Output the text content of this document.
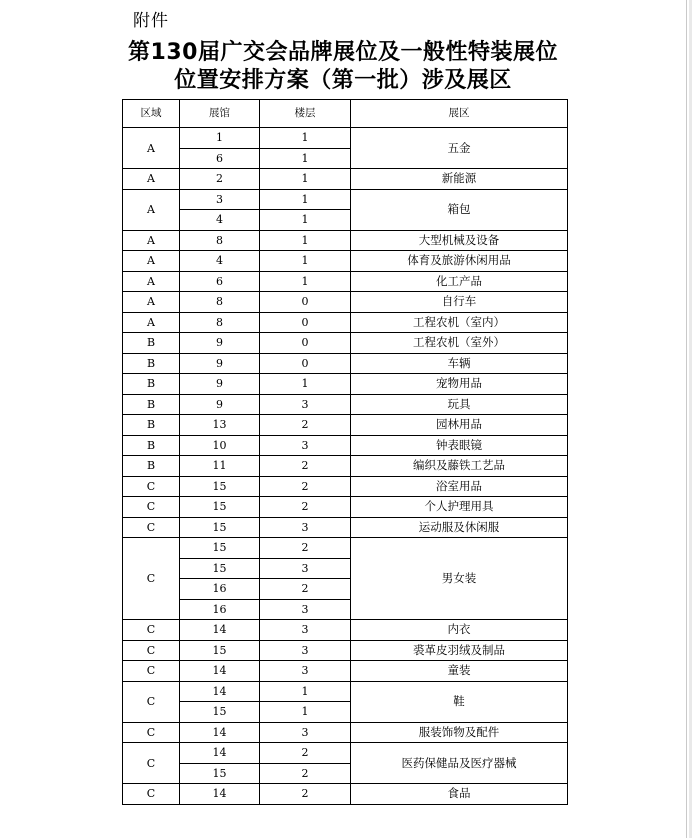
附件
第130届广交会品牌展位及一般性特装展位
位置安排方案（第一批）涉及展区
区域	展馆	楼层	展区
A	1	1	五金
	6	1	
A	2	1	新能源
A	3	1	箱包
	4	1	
A	8	1	大型机械及设备
A	4	1	体育及旅游休闲用品
A	6	1	化工产品
A	8	0	自行车
A	8	0	工程农机（室内）
B	9	0	工程农机（室外）
B	9	0	车辆
B	9	1	宠物用品
B	9	3	玩具
B	13	2	园林用品
B	10	3	钟表眼镜
B	11	2	编织及藤铁工艺品
C	15	2	浴室用品
C	15	2	个人护理用具
C	15	3	运动服及休闲服
C	15	2	男女装
	15	3	
	16	2	
	16	3	
C	14	3	内衣
C	15	3	裘革皮羽绒及制品
C	14	3	童装
C	14	1	鞋
	15	1	
C	14	3	服装饰物及配件
C	14	2	医药保健品及医疗器械
	15	2	
C	14	2	食品
